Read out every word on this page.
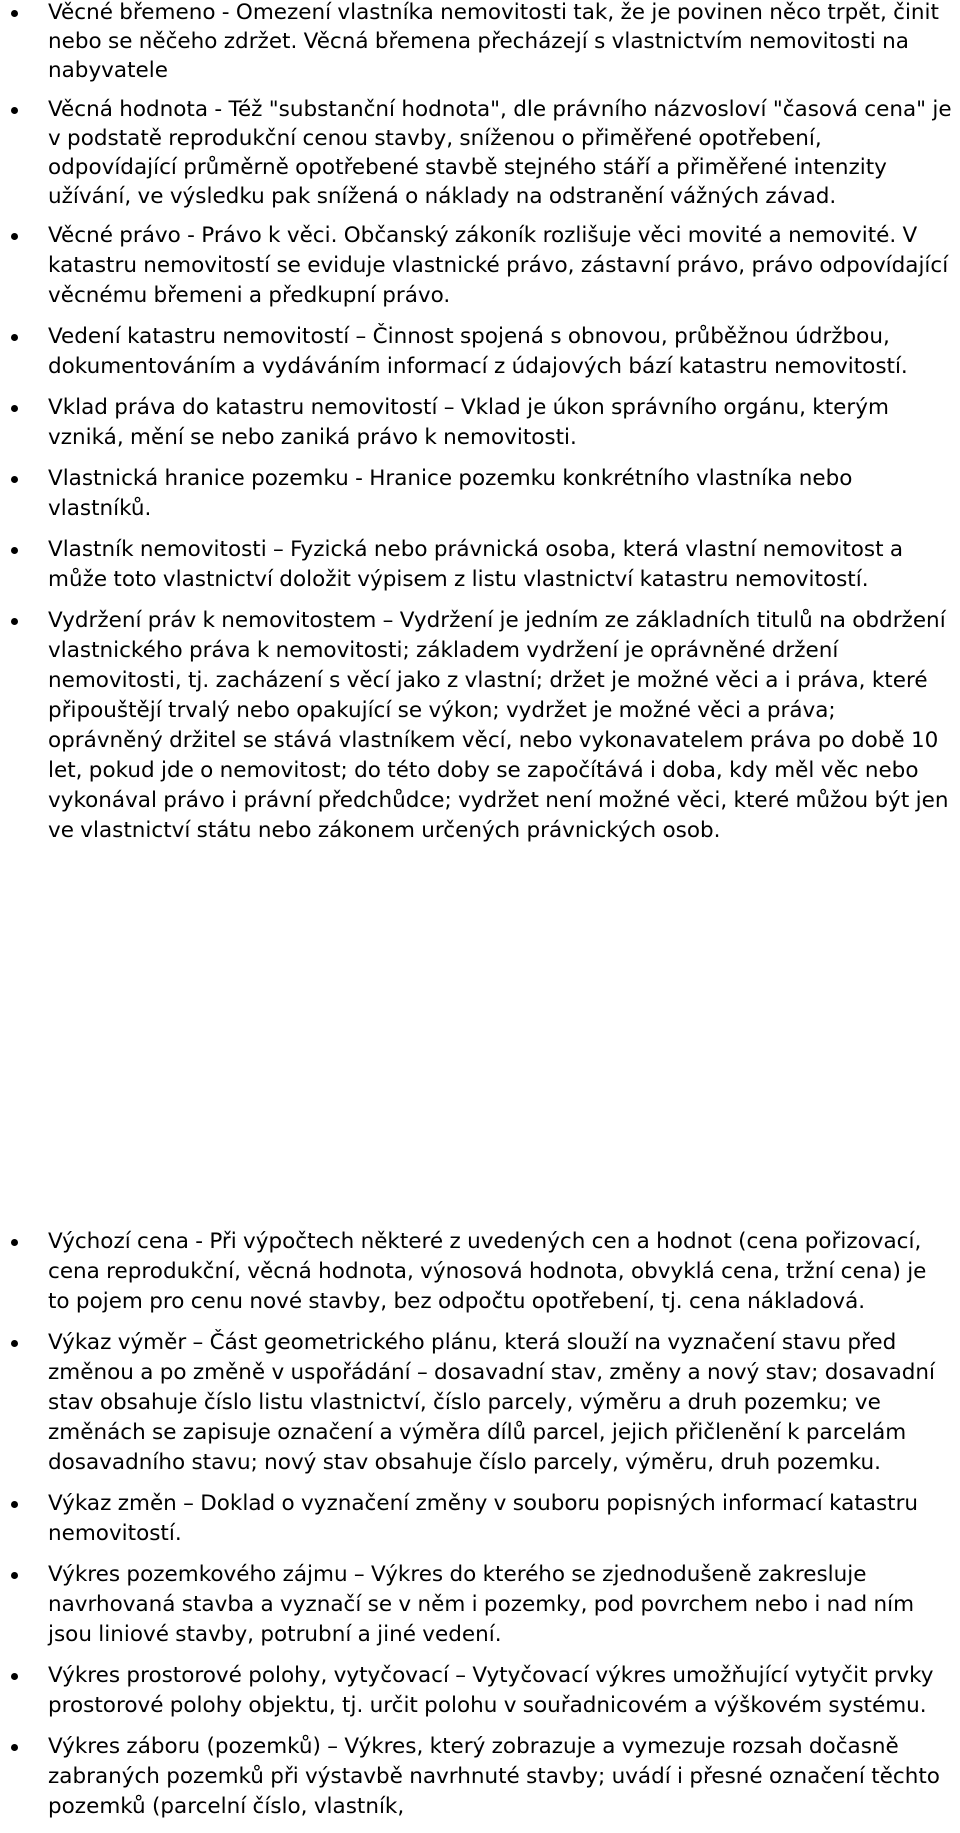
Věcné břemeno - Omezení vlastníka nemovitosti tak, že je povinen něco trpět, činit nebo se něčeho zdržet. Věcná břemena přecházejí s vlastnictvím nemovitosti na nabyvatele
Věcná hodnota - Též "substanční hodnota", dle právního názvosloví "časová cena" je v podstatě reprodukční cenou stavby, sníženou o přiměřené opotřebení, odpovídající průměrně opotřebené stavbě stejného stáří a přiměřené intenzity užívání, ve výsledku pak snížená o náklady na odstranění vážných závad.
Věcné právo - Právo k věci. Občanský zákoník rozlišuje věci movité a nemovité. V katastru nemovitostí se eviduje vlastnické právo, zástavní právo, právo odpovídající věcnému břemeni a předkupní právo.
Vedení katastru nemovitostí – Činnost spojená s obnovou, průběžnou údržbou, dokumentováním a vydáváním informací z údajových bází katastru nemovitostí.
Vklad práva do katastru nemovitostí – Vklad je úkon správního orgánu, kterým vzniká, mění se nebo zaniká právo k nemovitosti.
Vlastnická hranice pozemku - Hranice pozemku konkrétního vlastníka nebo vlastníků.
Vlastník nemovitosti – Fyzická nebo právnická osoba, která vlastní nemovitost a může toto vlastnictví doložit výpisem z listu vlastnictví katastru nemovitostí.
Vydržení práv k nemovitostem – Vydržení je jedním ze základních titulů na obdržení vlastnického práva k nemovitosti; základem vydržení je oprávněné držení nemovitosti, tj. zacházení s věcí jako z vlastní; držet je možné věci a i práva, které připouštějí trvalý nebo opakující se výkon; vydržet je možné věci a práva; oprávněný držitel se stává vlastníkem věcí, nebo vykonavatelem práva po době 10 let, pokud jde o nemovitost; do této doby se započítává i doba, kdy měl věc nebo vykonával právo i právní předchůdce; vydržet není možné věci, které můžou být jen ve vlastnictví státu nebo zákonem určených právnických osob.
Výchozí cena - Při výpočtech některé z uvedených cen a hodnot (cena pořizovací, cena reprodukční, věcná hodnota, výnosová hodnota, obvyklá cena, tržní cena) je to pojem pro cenu nové stavby, bez odpočtu opotřebení, tj. cena nákladová.
Výkaz výměr – Část geometrického plánu, která slouží na vyznačení stavu před změnou a po změně v uspořádání – dosavadní stav, změny a nový stav; dosavadní stav obsahuje číslo listu vlastnictví, číslo parcely, výměru a druh pozemku; ve změnách se zapisuje označení a výměra dílů parcel, jejich přičlenění k parcelám dosavadního stavu; nový stav obsahuje číslo parcely, výměru, druh pozemku.
Výkaz změn – Doklad o vyznačení změny v souboru popisných informací katastru nemovitostí.
Výkres pozemkového zájmu – Výkres do kterého se zjednodušeně zakresluje navrhovaná stavba a vyznačí se v něm i pozemky, pod povrchem nebo i nad ním jsou liniové stavby, potrubní a jiné vedení.
Výkres prostorové polohy, vytyčovací – Vytyčovací výkres umožňující vytyčit prvky prostorové polohy objektu, tj. určit polohu v souřadnicovém a výškovém systému.
Výkres záboru (pozemků) – Výkres, který zobrazuje a vymezuje rozsah dočasně zabraných pozemků při výstavbě navrhnuté stavby; uvádí i přesné označení těchto pozemků (parcelní číslo, vlastník,
